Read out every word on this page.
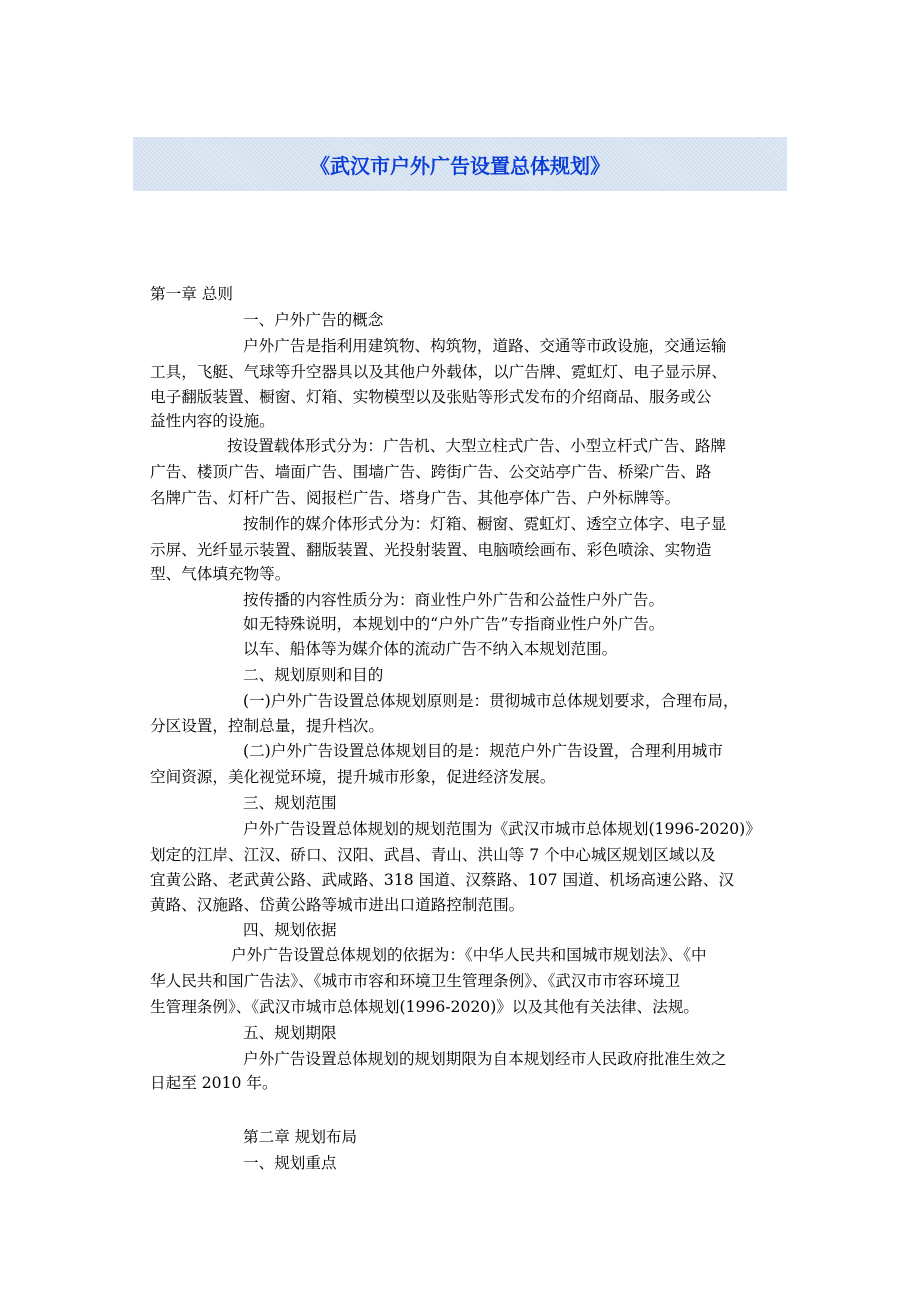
《武汉市户外广告设置总体规划》
第一章 总则
一、户外广告的概念
户外广告是指利用建筑物、构筑物，道路、交通等市政设施，交通运输
工具，飞艇、气球等升空器具以及其他户外载体，以广告牌、霓虹灯、电子显示屏、
电子翻版装置、橱窗、灯箱、实物模型以及张贴等形式发布的介绍商品、服务或公
益性内容的设施。
按设置载体形式分为：广告机、大型立柱式广告、小型立杆式广告、路牌
广告、楼顶广告、墙面广告、围墙广告、跨街广告、公交站亭广告、桥梁广告、路
名牌广告、灯杆广告、阅报栏广告、塔身广告、其他亭体广告、户外标牌等。
按制作的媒介体形式分为：灯箱、橱窗、霓虹灯、透空立体字、电子显
示屏、光纤显示装置、翻版装置、光投射装置、电脑喷绘画布、彩色喷涂、实物造
型、气体填充物等。
按传播的内容性质分为：商业性户外广告和公益性户外广告。
如无特殊说明，本规划中的“户外广告”专指商业性户外广告。
以车、船体等为媒介体的流动广告不纳入本规划范围。
二、规划原则和目的
(一)户外广告设置总体规划原则是：贯彻城市总体规划要求，合理布局，
分区设置，控制总量，提升档次。
(二)户外广告设置总体规划目的是：规范户外广告设置，合理利用城市
空间资源，美化视觉环境，提升城市形象，促进经济发展。
三、规划范围
户外广告设置总体规划的规划范围为《武汉市城市总体规划(1996-2020)》
划定的江岸、江汉、硚口、汉阳、武昌、青山、洪山等 7 个中心城区规划区域以及
宜黄公路、老武黄公路、武咸路、318 国道、汉蔡路、107 国道、机场高速公路、汉
黄路、汉施路、岱黄公路等城市进出口道路控制范围。
四、规划依据
户外广告设置总体规划的依据为：《中华人民共和国城市规划法》、《中
华人民共和国广告法》、《城市市容和环境卫生管理条例》、《武汉市市容环境卫
生管理条例》、《武汉市城市总体规划(1996-2020)》以及其他有关法律、法规。
五、规划期限
户外广告设置总体规划的规划期限为自本规划经市人民政府批准生效之
日起至 2010 年。
第二章 规划布局
一、规划重点
